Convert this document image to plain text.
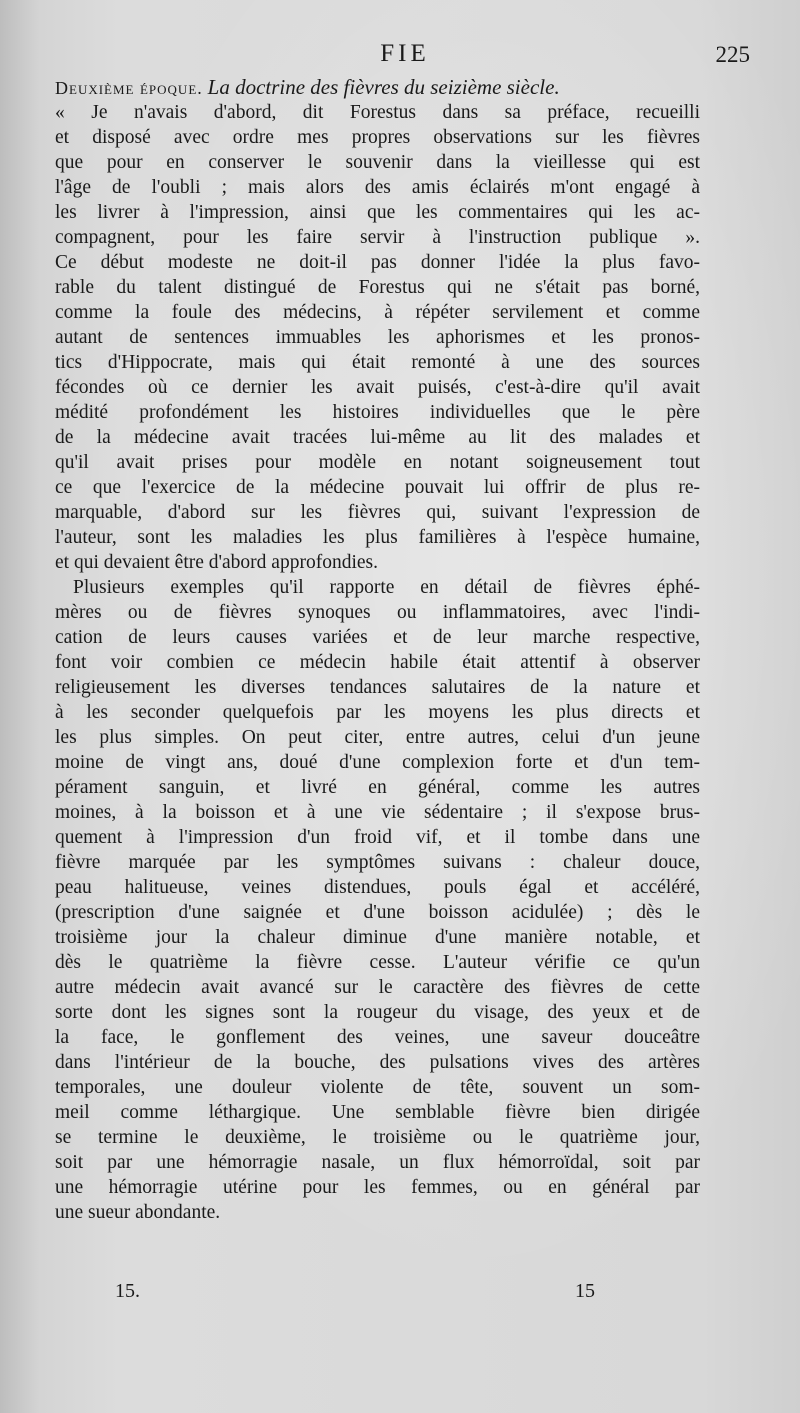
FIE	225
Deuxième époque. La doctrine des fièvres du seizième siècle.
« Je n'avais d'abord, dit Forestus dans sa préface, recueilli
et disposé avec ordre mes propres observations sur les fièvres
que pour en conserver le souvenir dans la vieillesse qui est
l'âge de l'oubli ; mais alors des amis éclairés m'ont engagé à
les livrer à l'impression, ainsi que les commentaires qui les ac-
compagnent, pour les faire servir à l'instruction publique ».
Ce début modeste ne doit-il pas donner l'idée la plus favo-
rable du talent distingué de Forestus qui ne s'était pas borné,
comme la foule des médecins, à répéter servilement et comme
autant de sentences immuables les aphorismes et les pronos-
tics d'Hippocrate, mais qui était remonté à une des sources
fécondes où ce dernier les avait puisés, c'est-à-dire qu'il avait
médité profondément les histoires individuelles que le père
de la médecine avait tracées lui-même au lit des malades et
qu'il avait prises pour modèle en notant soigneusement tout
ce que l'exercice de la médecine pouvait lui offrir de plus re-
marquable, d'abord sur les fièvres qui, suivant l'expression de
l'auteur, sont les maladies les plus familières à l'espèce humaine,
et qui devaient être d'abord approfondies.
Plusieurs exemples qu'il rapporte en détail de fièvres éphé-
mères ou de fièvres synoques ou inflammatoires, avec l'indi-
cation de leurs causes variées et de leur marche respective,
font voir combien ce médecin habile était attentif à observer
religieusement les diverses tendances salutaires de la nature et
à les seconder quelquefois par les moyens les plus directs et
les plus simples. On peut citer, entre autres, celui d'un jeune
moine de vingt ans, doué d'une complexion forte et d'un tem-
pérament sanguin, et livré en général, comme les autres
moines, à la boisson et à une vie sédentaire ; il s'expose brus-
quement à l'impression d'un froid vif, et il tombe dans une
fièvre marquée par les symptômes suivans : chaleur douce,
peau halitueuse, veines distendues, pouls égal et accéléré,
(prescription d'une saignée et d'une boisson acidulée) ; dès le
troisième jour la chaleur diminue d'une manière notable, et
dès le quatrième la fièvre cesse. L'auteur vérifie ce qu'un
autre médecin avait avancé sur le caractère des fièvres de cette
sorte dont les signes sont la rougeur du visage, des yeux et de
la face, le gonflement des veines, une saveur douceâtre
dans l'intérieur de la bouche, des pulsations vives des artères
temporales, une douleur violente de tête, souvent un som-
meil comme léthargique. Une semblable fièvre bien dirigée
se termine le deuxième, le troisième ou le quatrième jour,
soit par une hémorragie nasale, un flux hémorroïdal, soit par
une hémorragie utérine pour les femmes, ou en général par
une sueur abondante.
15.	15
